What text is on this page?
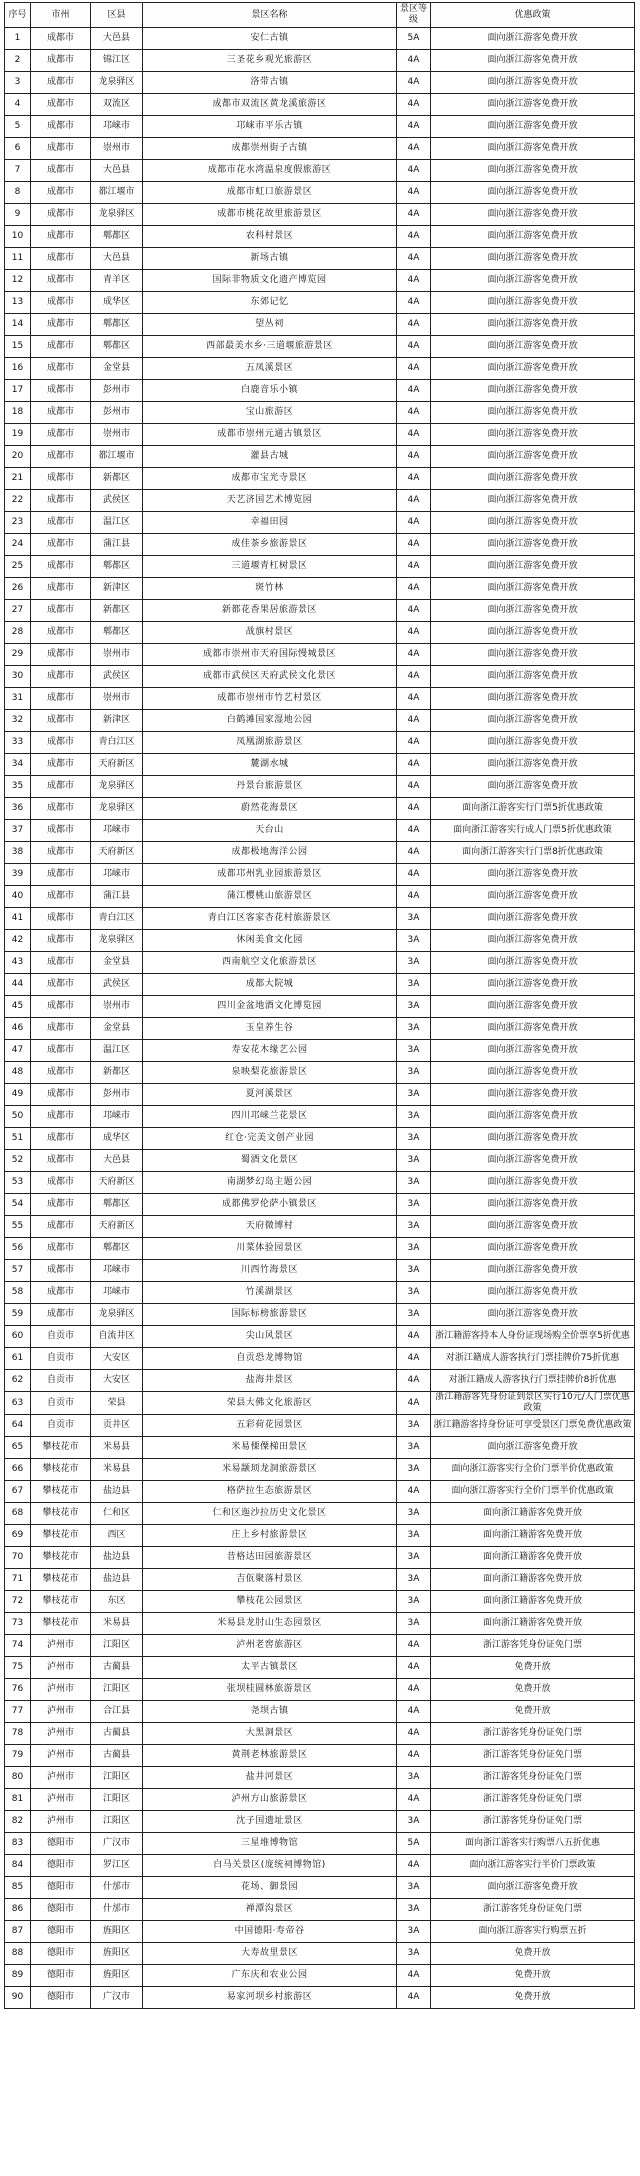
序号	市州	区县	景区名称	景区等级	优惠政策
1	成都市	大邑县	安仁古镇	5A	面向浙江游客免费开放
2	成都市	锦江区	三圣花乡观光旅游区	4A	面向浙江游客免费开放
3	成都市	龙泉驿区	洛带古镇	4A	面向浙江游客免费开放
4	成都市	双流区	成都市双流区黄龙溪旅游区	4A	面向浙江游客免费开放
5	成都市	邛崃市	邛崃市平乐古镇	4A	面向浙江游客免费开放
6	成都市	崇州市	成都崇州街子古镇	4A	面向浙江游客免费开放
7	成都市	大邑县	成都市花水湾温泉度假旅游区	4A	面向浙江游客免费开放
8	成都市	都江堰市	成都市虹口旅游景区	4A	面向浙江游客免费开放
9	成都市	龙泉驿区	成都市桃花故里旅游景区	4A	面向浙江游客免费开放
10	成都市	郫都区	农科村景区	4A	面向浙江游客免费开放
11	成都市	大邑县	新场古镇	4A	面向浙江游客免费开放
12	成都市	青羊区	国际非物质文化遗产博览园	4A	面向浙江游客免费开放
13	成都市	成华区	东郊记忆	4A	面向浙江游客免费开放
14	成都市	郫都区	望丛祠	4A	面向浙江游客免费开放
15	成都市	郫都区	西部最美水乡·三道堰旅游景区	4A	面向浙江游客免费开放
16	成都市	金堂县	五凤溪景区	4A	面向浙江游客免费开放
17	成都市	彭州市	白鹿音乐小镇	4A	面向浙江游客免费开放
18	成都市	彭州市	宝山旅游区	4A	面向浙江游客免费开放
19	成都市	崇州市	成都市崇州元通古镇景区	4A	面向浙江游客免费开放
20	成都市	都江堰市	灌县古城	4A	面向浙江游客免费开放
21	成都市	新都区	成都市宝光寺景区	4A	面向浙江游客免费开放
22	成都市	武侯区	天艺济国艺术博览园	4A	面向浙江游客免费开放
23	成都市	温江区	幸福田园	4A	面向浙江游客免费开放
24	成都市	蒲江县	成佳茶乡旅游景区	4A	面向浙江游客免费开放
25	成都市	郫都区	三道堰青杠树景区	4A	面向浙江游客免费开放
26	成都市	新津区	斑竹林	4A	面向浙江游客免费开放
27	成都市	新都区	新都花香果居旅游景区	4A	面向浙江游客免费开放
28	成都市	郫都区	战旗村景区	4A	面向浙江游客免费开放
29	成都市	崇州市	成都市崇州市天府国际慢城景区	4A	面向浙江游客免费开放
30	成都市	武侯区	成都市武侯区天府武侯文化景区	4A	面向浙江游客免费开放
31	成都市	崇州市	成都市崇州市竹艺村景区	4A	面向浙江游客免费开放
32	成都市	新津区	白鹤滩国家湿地公园	4A	面向浙江游客免费开放
33	成都市	青白江区	凤凰湖旅游景区	4A	面向浙江游客免费开放
34	成都市	天府新区	麓湖水城	4A	面向浙江游客免费开放
35	成都市	龙泉驿区	丹景台旅游景区	4A	面向浙江游客免费开放
36	成都市	龙泉驿区	蔚然花海景区	4A	面向浙江游客实行门票5折优惠政策
37	成都市	邛崃市	天台山	4A	面向浙江游客实行成人门票5折优惠政策
38	成都市	天府新区	成都极地海洋公园	4A	面向浙江游客实行门票8折优惠政策
39	成都市	邛崃市	成都邛州乳业园旅游景区	4A	面向浙江游客免费开放
40	成都市	蒲江县	蒲江樱桃山旅游景区	4A	面向浙江游客免费开放
41	成都市	青白江区	青白江区客家杏花村旅游景区	3A	面向浙江游客免费开放
42	成都市	龙泉驿区	休闲美食文化园	3A	面向浙江游客免费开放
43	成都市	金堂县	西南航空文化旅游景区	3A	面向浙江游客免费开放
44	成都市	武侯区	成都大院城	3A	面向浙江游客免费开放
45	成都市	崇州市	四川金盆地酒文化博览园	3A	面向浙江游客免费开放
46	成都市	金堂县	玉皇养生谷	3A	面向浙江游客免费开放
47	成都市	温江区	寿安花木缘艺公园	3A	面向浙江游客免费开放
48	成都市	新都区	泉映梨花旅游景区	3A	面向浙江游客免费开放
49	成都市	彭州市	夏河溪景区	3A	面向浙江游客免费开放
50	成都市	邛崃市	四川邛崃兰花景区	3A	面向浙江游客免费开放
51	成都市	成华区	红仓·完美文创产业园	3A	面向浙江游客免费开放
52	成都市	大邑县	蜀酒文化景区	3A	面向浙江游客免费开放
53	成都市	天府新区	南湖梦幻岛主题公园	3A	面向浙江游客免费开放
54	成都市	郫都区	成都佛罗伦萨小镇景区	3A	面向浙江游客免费开放
55	成都市	天府新区	天府微博村	3A	面向浙江游客免费开放
56	成都市	郫都区	川菜体验园景区	3A	面向浙江游客免费开放
57	成都市	邛崃市	川西竹海景区	3A	面向浙江游客免费开放
58	成都市	邛崃市	竹溪湖景区	3A	面向浙江游客免费开放
59	成都市	龙泉驿区	国际标榜旅游景区	3A	面向浙江游客免费开放
60	自贡市	自流井区	尖山风景区	4A	浙江籍游客持本人身份证现场购全价票享5折优惠
61	自贡市	大安区	自贡恐龙博物馆	4A	对浙江籍成人游客执行门票挂牌价75折优惠
62	自贡市	大安区	盐海井景区	4A	对浙江籍成人游客执行门票挂牌价8折优惠
63	自贡市	荣县	荣县大佛文化旅游区	4A	浙江籍游客凭身份证到景区实行10元/人门票优惠政策
64	自贡市	贡井区	五彩荷花园景区	3A	浙江籍游客持身份证可享受景区门票免费优惠政策
65	攀枝花市	米易县	米易傈僳梯田景区	3A	面向浙江游客免费开放
66	攀枝花市	米易县	米易颛顼龙洞旅游景区	3A	面向浙江游客实行全价门票半价优惠政策
67	攀枝花市	盐边县	格萨拉生态旅游景区	4A	面向浙江游客实行全价门票半价优惠政策
68	攀枝花市	仁和区	仁和区迤沙拉历史文化景区	3A	面向浙江籍游客免费开放
69	攀枝花市	西区	庄上乡村旅游景区	3A	面向浙江籍游客免费开放
70	攀枝花市	盐边县	昔格达田园旅游景区	3A	面向浙江籍游客免费开放
71	攀枝花市	盐边县	吉佤聚落村景区	3A	面向浙江籍游客免费开放
72	攀枝花市	东区	攀枝花公园景区	3A	面向浙江籍游客免费开放
73	攀枝花市	米易县	米易县龙肘山生态园景区	3A	面向浙江籍游客免费开放
74	泸州市	江阳区	泸州老窖旅游区	4A	浙江游客凭身份证免门票
75	泸州市	古蔺县	太平古镇景区	4A	免费开放
76	泸州市	江阳区	张坝桂圆林旅游景区	4A	免费开放
77	泸州市	合江县	尧坝古镇	4A	免费开放
78	泸州市	古蔺县	大黑洞景区	4A	浙江游客凭身份证免门票
79	泸州市	古蔺县	黄荆老林旅游景区	4A	浙江游客凭身份证免门票
80	泸州市	江阳区	盐井河景区	3A	浙江游客凭身份证免门票
81	泸州市	江阳区	泸州方山旅游景区	4A	浙江游客凭身份证免门票
82	泸州市	江阳区	沈子国遗址景区	3A	浙江游客凭身份证免门票
83	德阳市	广汉市	三星堆博物馆	5A	面向浙江游客实行购票八五折优惠
84	德阳市	罗江区	白马关景区(庞统祠博物馆)	4A	面向浙江游客实行半价门票政策
85	德阳市	什邡市	花场、御景园	3A	面向浙江游客免费开放
86	德阳市	什邡市	禅潭沟景区	3A	浙江游客凭身份证免门票
87	德阳市	旌阳区	中国德阳·寿帝谷	3A	面向浙江游客实行购票五折
88	德阳市	旌阳区	大寿故里景区	3A	免费开放
89	德阳市	旌阳区	广东庆和农业公园	4A	免费开放
90	德阳市	广汉市	易家河坝乡村旅游区	4A	免费开放
